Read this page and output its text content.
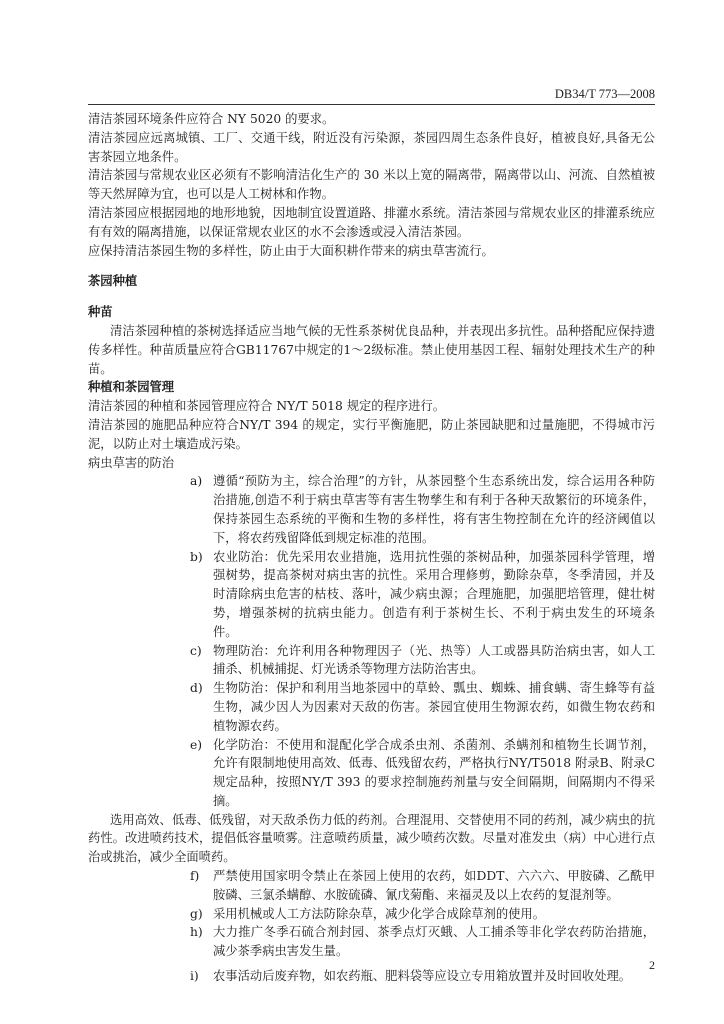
DB34/T 773—2008

清洁茶园环境条件应符合 NY 5020 的要求。

清洁茶园应远离城镇、工厂、交通干线，附近没有污染源，茶园四周生态条件良好，植被良好,具备无公害茶园立地条件。

清洁茶园与常规农业区必须有不影响清洁化生产的 30 米以上宽的隔离带，隔离带以山、河流、自然植被等天然屏障为宜，也可以是人工树林和作物。

清洁茶园应根据园地的地形地貌，因地制宜设置道路、排灌水系统。清洁茶园与常规农业区的排灌系统应有有效的隔离措施，以保证常规农业区的水不会渗透或浸入清洁茶园。

应保持清洁茶园生物的多样性，防止由于大面积耕作带来的病虫草害流行。

茶园种植
种苗

清洁茶园种植的茶树选择适应当地气候的无性系茶树优良品种，并表现出多抗性。品种搭配应保持遗传多样性。种苗质量应符合GB11767中规定的1～2级标准。禁止使用基因工程、辐射处理技术生产的种苗。

种植和茶园管理

清洁茶园的种植和茶园管理应符合 NY/T 5018 规定的程序进行。

清洁茶园的施肥品种应符合NY/T 394 的规定，实行平衡施肥，防止茶园缺肥和过量施肥，不得城市污泥，以防止对土壤造成污染。

病虫草害的防治

a) 遵循“预防为主，综合治理”的方针，从茶园整个生态系统出发，综合运用各种防治措施,创造不利于病虫草害等有害生物孳生和有利于各种天敌繁衍的环境条件，保持茶园生态系统的平衡和生物的多样性，将有害生物控制在允许的经济阈值以下，将农药残留降低到规定标准的范围。
b) 农业防治：优先采用农业措施，选用抗性强的茶树品种，加强茶园科学管理，增强树势，提高茶树对病虫害的抗性。采用合理修剪，勤除杂草，冬季清园，并及时清除病虫危害的枯枝、落叶，减少病虫源；合理施肥，加强肥培管理，健壮树势，增强茶树的抗病虫能力。创造有利于茶树生长、不利于病虫发生的环境条件。
c) 物理防治：允许利用各种物理因子（光、热等）人工或器具防治病虫害，如人工捕杀、机械捕捉、灯光诱杀等物理方法防治害虫。
d) 生物防治：保护和利用当地茶园中的草蛉、瓢虫、蜘蛛、捕食螨、寄生蜂等有益生物，减少因人为因素对天敌的伤害。茶园宜使用生物源农药，如微生物农药和植物源农药。
e) 化学防治：不使用和混配化学合成杀虫剂、杀菌剂、杀螨剂和植物生长调节剂，允许有限制地使用高效、低毒、低残留农药，严格执行NY/T5018 附录B、附录C规定品种，按照NY/T 393 的要求控制施药剂量与安全间隔期，间隔期内不得采摘。

选用高效、低毒、低残留，对天敌杀伤力低的药剂。合理混用、交替使用不同的药剂，减少病虫的抗药性。改进喷药技术，提倡低容量喷雾。注意喷药质量，减少喷药次数。尽量对准发虫（病）中心进行点治或挑治，减少全面喷药。

f)	严禁使用国家明令禁止在茶园上使用的农药，如DDT、六六六、甲胺磷、乙酰甲胺磷、三氯杀螨醇、水胺硫磷、氰戊菊酯、来福灵及以上农药的复混剂等。
g) 采用机械或人工方法防除杂草，减少化学合成除草剂的使用。
h) 大力推广冬季石硫合剂封园、茶季点灯灭蛾、人工捕杀等非化学农药防治措施，减少茶季病虫害发生量。
i)	农事活动后废弃物，如农药瓶、肥料袋等应设立专用箱放置并及时回收处理。
2
